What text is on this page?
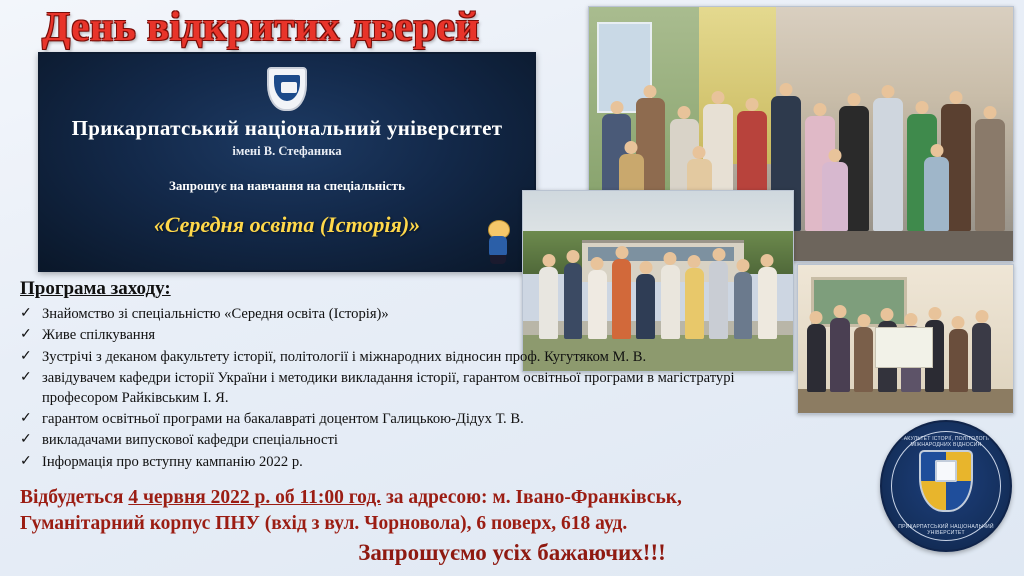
День відкритих дверей
Прикарпатський національний університет
імені В. Стефаника
Запрошує на навчання на спеціальність
«Середня освіта (Історія)»
Програма заходу:
✓ Знайомство зі спеціальністю «Середня освіта (Історія)»
✓ Живе спілкування
✓ Зустрічі з деканом факультету історії, політології і міжнародних відносин проф. Кугутяком М. В.
✓ завідувачем кафедри історії України і методики викладання історії, гарантом освітньої програми в магістратурі професором Райківським І. Я.
✓ гарантом освітньої програми на бакалавраті доцентом Галицькою-Дідух Т. В.
✓ викладачами випускової кафедри спеціальності
✓ Інформація про вступну кампанію 2022 р.
Відбудеться 4 червня 2022 р. об 11:00 год. за адресою: м. Івано-Франківськ,
Гуманітарний корпус ПНУ (вхід з вул. Чорновола), 6 поверх, 618 ауд.
Запрошуємо усіх бажаючих!!!
ФАКУЛЬТЕТ ІСТОРІЇ, ПОЛІТОЛОГІЇ І МІЖНАРОДНИХ ВІДНОСИН
ПРИКАРПАТСЬКИЙ НАЦІОНАЛЬНИЙ УНІВЕРСИТЕТ
